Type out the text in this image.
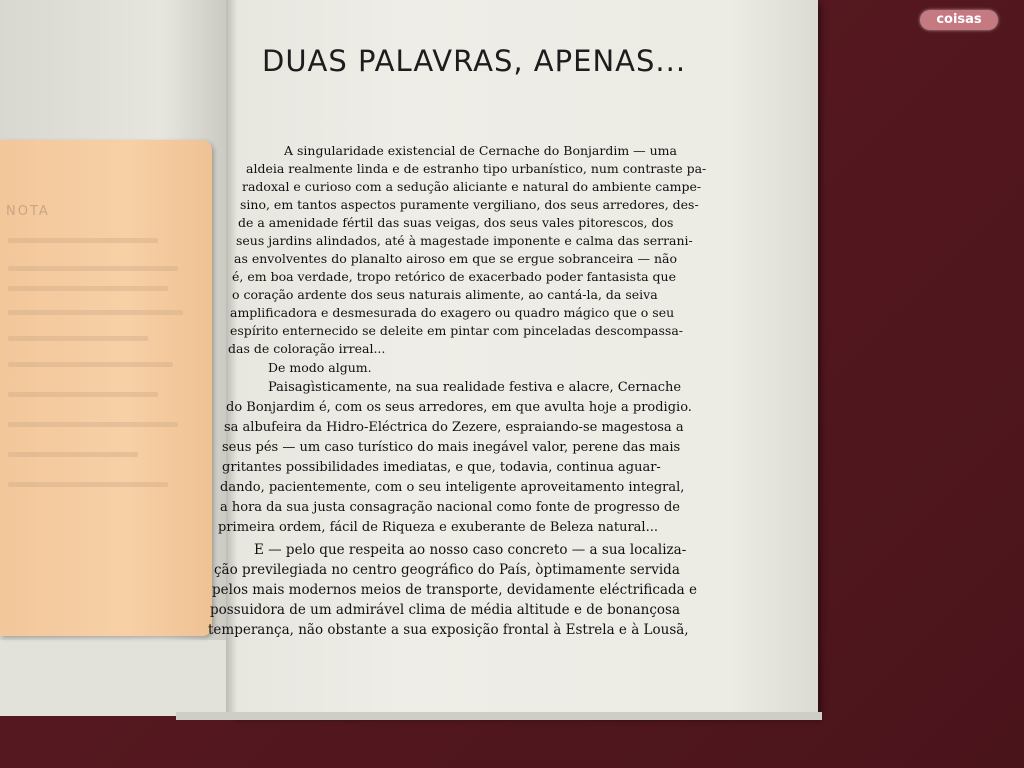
NOTA
DUAS PALAVRAS, APENAS...
A singularidade existencial de Cernache do Bonjardim — uma
aldeia realmente linda e de estranho tipo urbanístico, num contraste pa-
radoxal e curioso com a sedução aliciante e natural do ambiente campe-
sino, em tantos aspectos puramente vergiliano, dos seus arredores, des-
de a amenidade fértil das suas veigas, dos seus vales pitorescos, dos
seus jardins alindados, até à magestade imponente e calma das serrani-
as envolventes do planalto airoso em que se ergue sobranceira — não
é, em boa verdade, tropo retórico de exacerbado poder fantasista que
o coração ardente dos seus naturais alimente, ao cantá-la, da seiva
amplificadora e desmesurada do exagero ou quadro mágico que o seu
espírito enternecido se deleite em pintar com pinceladas descompassa-
das de coloração irreal...
De modo algum.
Paisagìsticamente, na sua realidade festiva e alacre, Cernache
do Bonjardim é, com os seus arredores, em que avulta hoje a prodigio.
sa albufeira da Hidro-Eléctrica do Zezere, espraiando-se magestosa a
seus pés — um caso turístico do mais inegável valor, perene das mais
gritantes possibilidades imediatas, e que, todavia, continua aguar-
dando, pacientemente, com o seu inteligente aproveitamento integral,
a hora da sua justa consagração nacional como fonte de progresso de
primeira ordem, fácil de Riqueza e exuberante de Beleza natural...
E — pelo que respeita ao nosso caso concreto — a sua localiza-
ção previlegiada no centro geográfico do País, òptimamente servida
pelos mais modernos meios de transporte, devidamente eléctrificada e
possuidora de um admirável clima de média altitude e de bonançosa
temperança, não obstante a sua exposição frontal à Estrela e à Lousã,
coisas
